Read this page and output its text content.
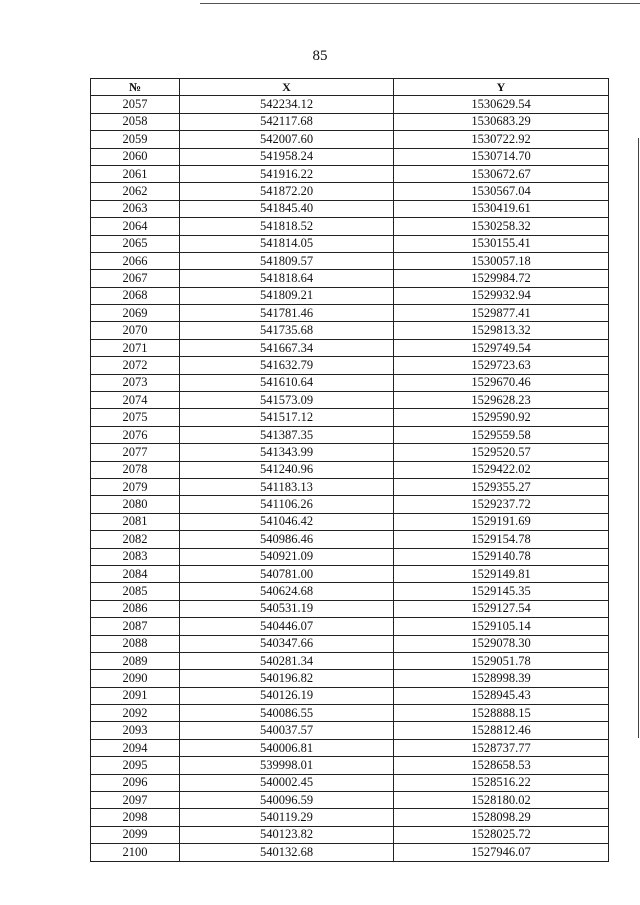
85
№	X	Y
2057	542234.12	1530629.54
2058	542117.68	1530683.29
2059	542007.60	1530722.92
2060	541958.24	1530714.70
2061	541916.22	1530672.67
2062	541872.20	1530567.04
2063	541845.40	1530419.61
2064	541818.52	1530258.32
2065	541814.05	1530155.41
2066	541809.57	1530057.18
2067	541818.64	1529984.72
2068	541809.21	1529932.94
2069	541781.46	1529877.41
2070	541735.68	1529813.32
2071	541667.34	1529749.54
2072	541632.79	1529723.63
2073	541610.64	1529670.46
2074	541573.09	1529628.23
2075	541517.12	1529590.92
2076	541387.35	1529559.58
2077	541343.99	1529520.57
2078	541240.96	1529422.02
2079	541183.13	1529355.27
2080	541106.26	1529237.72
2081	541046.42	1529191.69
2082	540986.46	1529154.78
2083	540921.09	1529140.78
2084	540781.00	1529149.81
2085	540624.68	1529145.35
2086	540531.19	1529127.54
2087	540446.07	1529105.14
2088	540347.66	1529078.30
2089	540281.34	1529051.78
2090	540196.82	1528998.39
2091	540126.19	1528945.43
2092	540086.55	1528888.15
2093	540037.57	1528812.46
2094	540006.81	1528737.77
2095	539998.01	1528658.53
2096	540002.45	1528516.22
2097	540096.59	1528180.02
2098	540119.29	1528098.29
2099	540123.82	1528025.72
2100	540132.68	1527946.07
